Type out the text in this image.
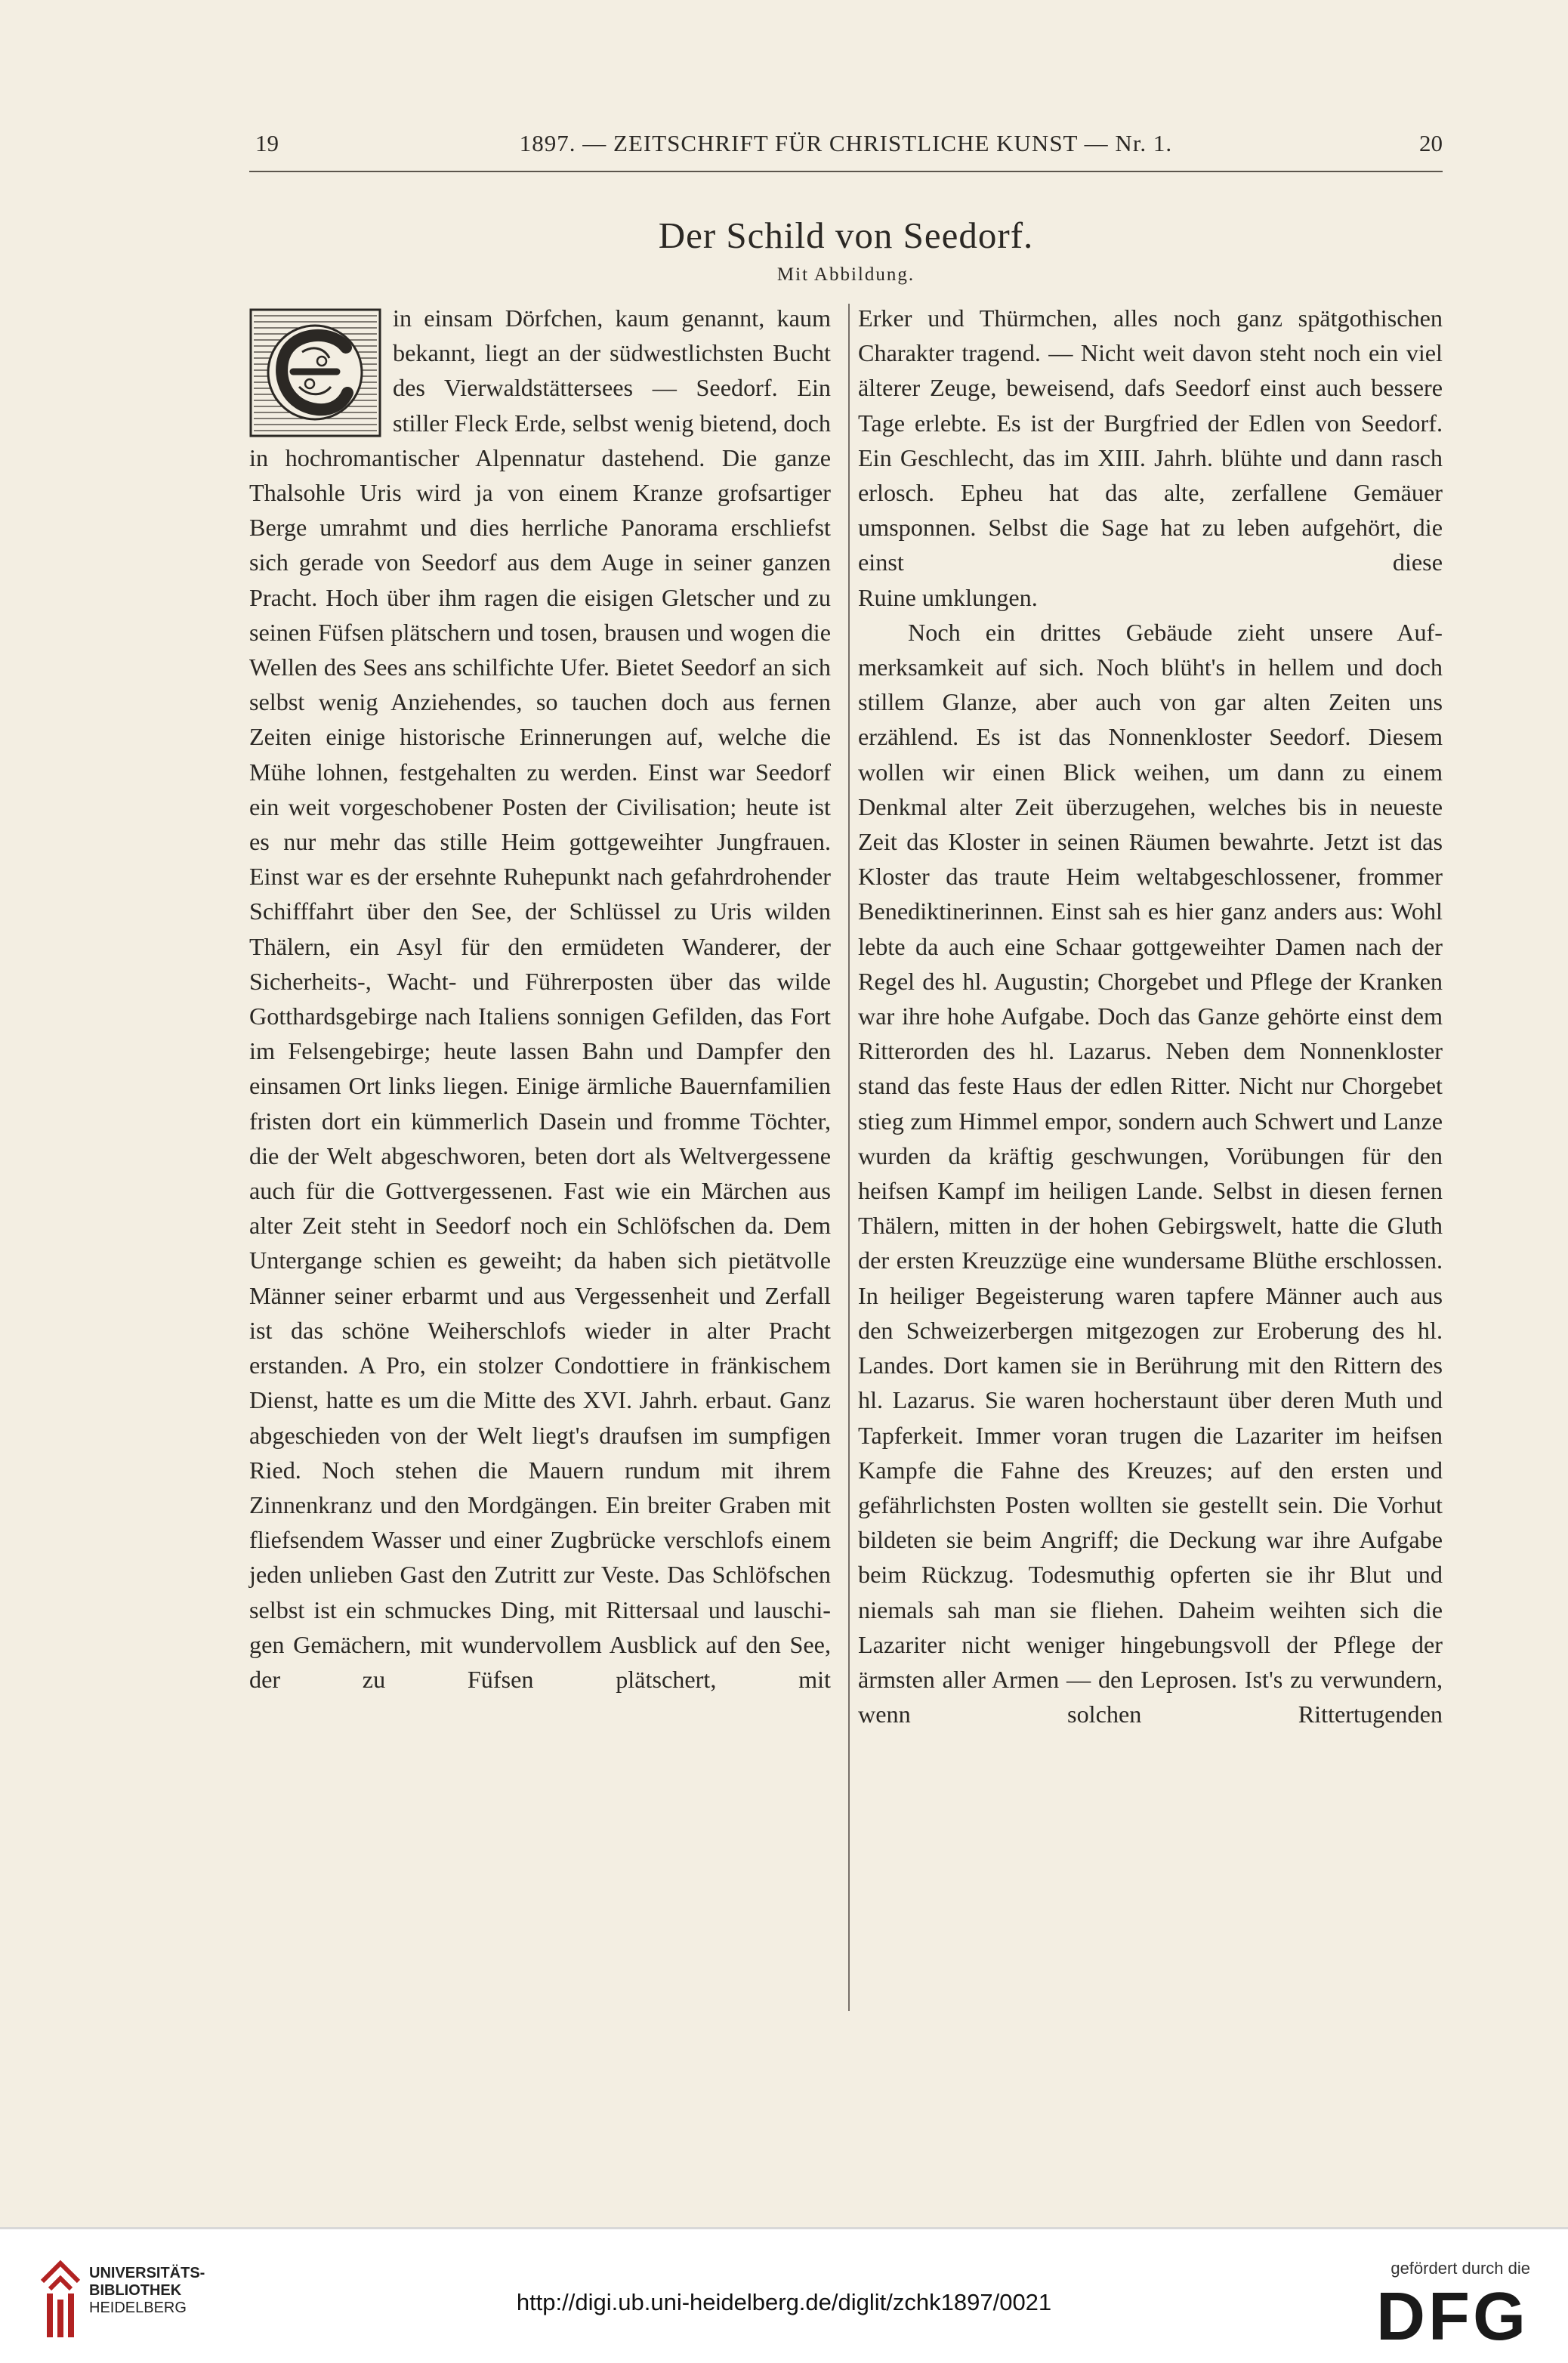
19	1897. — ZEITSCHRIFT FÜR CHRISTLICHE KUNST — Nr. 1.	20
Der Schild von Seedorf.
Mit Abbildung.

in einsam Dörfchen, kaum genannt, kaum bekannt, liegt an der südwestlichsten Bucht des Vierwaldstättersees — Seedorf. Ein stiller Fleck Erde, selbst wenig bietend, doch in hochromantischer Alpennatur dastehend. Die ganze Thalsohle Uris wird ja von einem Kranze grofsartiger Berge umrahmt und dies herrliche Panorama erschliefst sich gerade von Seedorf aus dem Auge in seiner ganzen Pracht. Hoch über ihm ragen die eisigen Gletscher und zu seinen Füfsen plätschern und tosen, brausen und wogen die Wellen des Sees ans schilfichte Ufer. Bietet Seedorf an sich selbst wenig Anziehendes, so tauchen doch aus fernen Zeiten einige historische Erinnerungen auf, welche die Mühe lohnen, festgehalten zu werden. Einst war Seedorf ein weit vorgeschobener Posten der Civilisation; heute ist es nur mehr das stille Heim gottgeweihter Jungfrauen. Einst war es der ersehnte Ruhepunkt nach gefahrdrohender Schifffahrt über den See, der Schlüssel zu Uris wilden Thälern, ein Asyl für den ermüdeten Wanderer, der Sicherheits-, Wacht- und Führerposten über das wilde Gotthardsgebirge nach Italiens sonnigen Gefilden, das Fort im Felsengebirge; heute lassen Bahn und Dampfer den einsamen Ort links liegen. Einige ärmliche Bauernfamilien fristen dort ein kümmerlich Dasein und fromme Töchter, die der Welt abgeschworen, beten dort als Weltvergessene auch für die Gottvergessenen. Fast wie ein Märchen aus alter Zeit steht in Seedorf noch ein Schlöfschen da. Dem Untergange schien es geweiht; da haben sich pietätvolle Männer seiner erbarmt und aus Vergessenheit und Zerfall ist das schöne Weiherschlofs wieder in alter Pracht erstanden. A Pro, ein stolzer Condottiere in fränkischem Dienst, hatte es um die Mitte des XVI. Jahrh. erbaut. Ganz abgeschieden von der Welt liegt's draufsen im sumpfigen Ried. Noch stehen die Mauern rundum mit ihrem Zinnenkranz und den Mordgängen. Ein breiter Graben mit fliefsendem Wasser und einer Zugbrücke verschlofs einem jeden unlieben Gast den Zutritt zur Veste. Das Schlöfschen selbst ist ein schmuckes Ding, mit Rittersaal und lauschigen Gemächern, mit wundervollem Ausblick auf den See, der zu Füfsen plätschert, mit

Erker und Thürmchen, alles noch ganz spätgothischen Charakter tragend. — Nicht weit davon steht noch ein viel älterer Zeuge, beweisend, dafs Seedorf einst auch bessere Tage erlebte. Es ist der Burgfried der Edlen von Seedorf. Ein Geschlecht, das im XIII. Jahrh. blühte und dann rasch erlosch. Epheu hat das alte, zerfallene Gemäuer umsponnen. Selbst die Sage hat zu leben aufgehört, die einst diese
Ruine umklungen.

Noch ein drittes Gebäude zieht unsere Aufmerksamkeit auf sich. Noch blüht's in hellem und doch stillem Glanze, aber auch von gar alten Zeiten uns erzählend. Es ist das Nonnenkloster Seedorf. Diesem wollen wir einen Blick weihen, um dann zu einem Denkmal alter Zeit überzugehen, welches bis in neueste Zeit das Kloster in seinen Räumen bewahrte. Jetzt ist das Kloster das traute Heim weltabgeschlossener, frommer Benediktinerinnen. Einst sah es hier ganz anders aus: Wohl lebte da auch eine Schaar gottgeweihter Damen nach der Regel des hl. Augustin; Chorgebet und Pflege der Kranken war ihre hohe Aufgabe. Doch das Ganze gehörte einst dem Ritterorden des hl. Lazarus. Neben dem Nonnenkloster stand das feste Haus der edlen Ritter. Nicht nur Chorgebet stieg zum Himmel empor, sondern auch Schwert und Lanze wurden da kräftig geschwungen, Vorübungen für den heifsen Kampf im heiligen Lande. Selbst in diesen fernen Thälern, mitten in der hohen Gebirgswelt, hatte die Gluth der ersten Kreuzzüge eine wundersame Blüthe erschlossen. In heiliger Begeisterung waren tapfere Männer auch aus den Schweizerbergen mitgezogen zur Eroberung des hl. Landes. Dort kamen sie in Berührung mit den Rittern des hl. Lazarus. Sie waren hocherstaunt über deren Muth und Tapferkeit. Immer voran trugen die Lazariter im heifsen Kampfe die Fahne des Kreuzes; auf den ersten und gefährlichsten Posten wollten sie gestellt sein. Die Vorhut bildeten sie beim Angriff; die Deckung war ihre Aufgabe beim Rückzug. Todesmuthig opferten sie ihr Blut und niemals sah man sie fliehen. Daheim weihten sich die Lazariter nicht weniger hingebungsvoll der Pflege der ärmsten aller Armen — den Leprosen. Ist's zu verwundern, wenn solchen Rittertugenden

UNIVERSITÄTS-
BIBLIOTHEK
HEIDELBERG	http://digi.ub.uni-heidelberg.de/diglit/zchk1897/0021
gefördert durch die
DFG
